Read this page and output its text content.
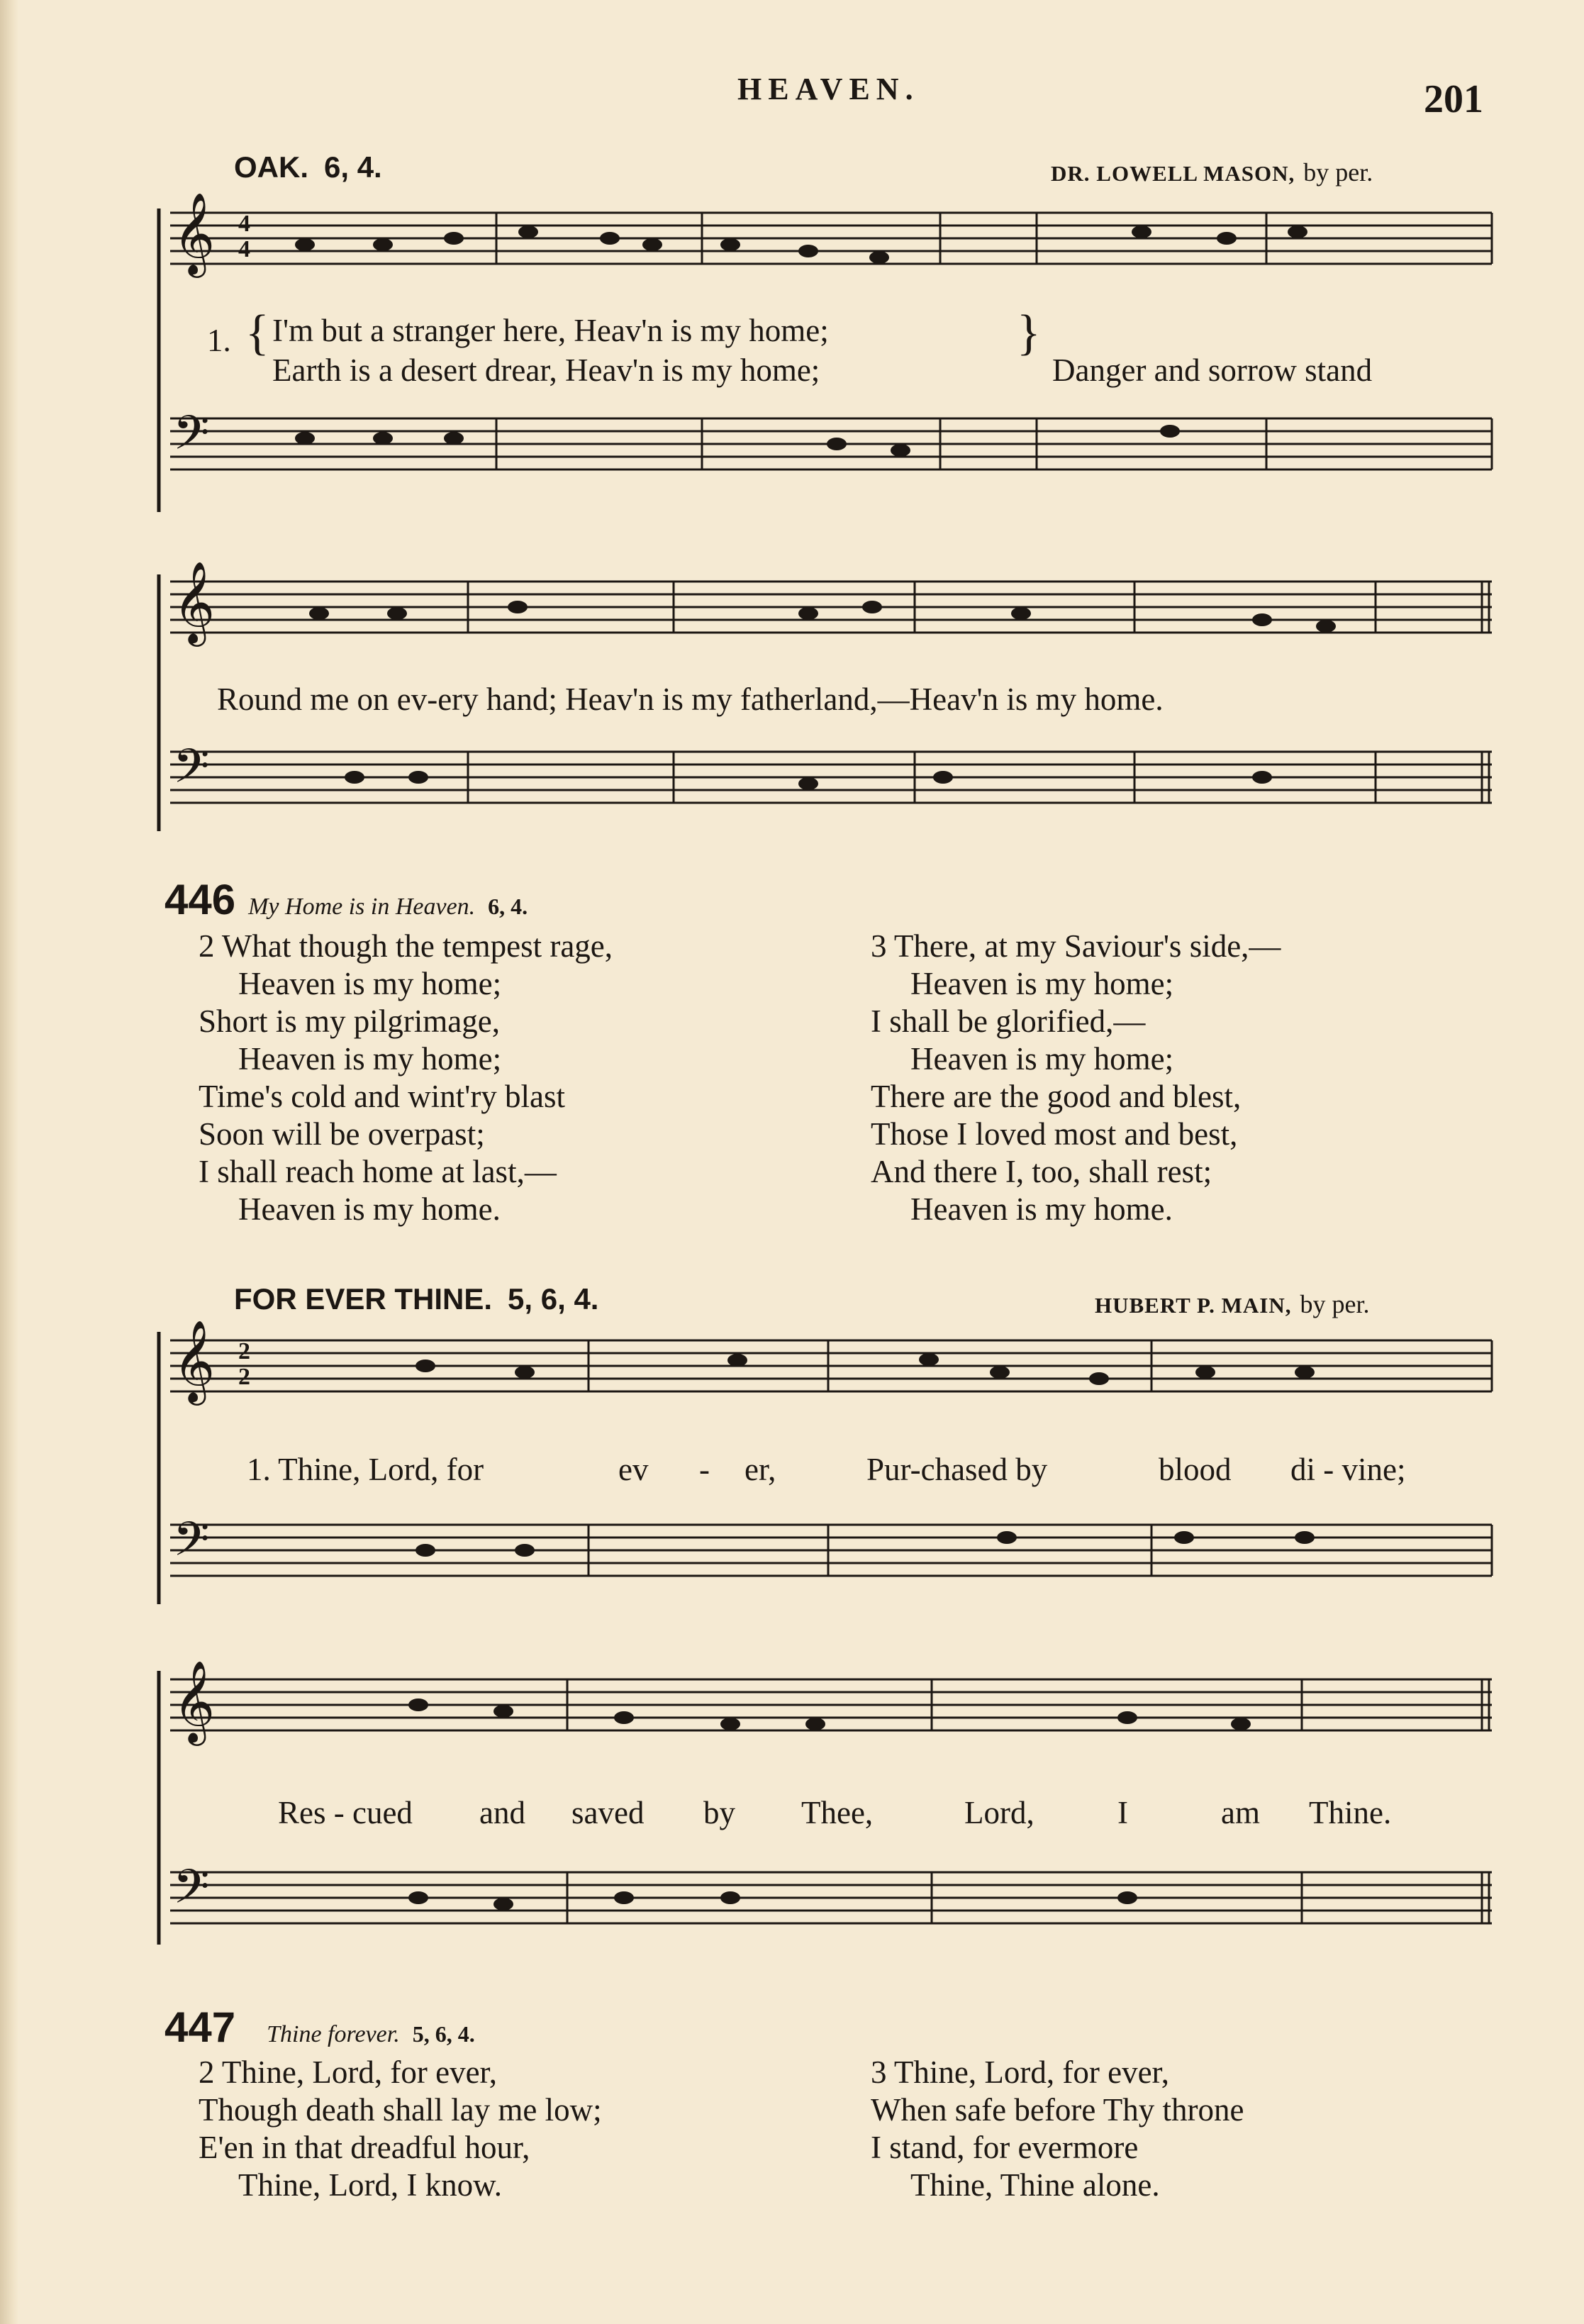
HEAVEN.	201
OAK. 6, 4.	DR. LOWELL MASON, by per.
𝄞 4
4
𝄢
𝄞
𝄢
𝄞 2
2
𝄢
𝄞
𝄢
1. { I'm but a stranger here, Heav'n is my home;
Earth is a desert drear, Heav'n is my home;
}
Danger and sorrow stand
Round me on ev-ery hand; Heav'n is my fatherland,—Heav'n is my home.
446 My Home is in Heaven. 6, 4.
2 What though the tempest rage,
Heaven is my home;
Short is my pilgrimage,
Heaven is my home;
Time's cold and wint'ry blast
Soon will be overpast;
I shall reach home at last,—
Heaven is my home.
3 There, at my Saviour's side,—
Heaven is my home;
I shall be glorified,—
Heaven is my home;
There are the good and blest,
Those I loved most and best,
And there I, too, shall rest;
Heaven is my home.
FOR EVER THINE. 5, 6, 4.	HUBERT P. MAIN, by per.
1. Thine, Lord, for	ev - er,	Pur-chased by	blood di - vine;
Res - cued and saved by Thee,	Lord,	I	am Thine.
447 Thine forever. 5, 6, 4.
2 Thine, Lord, for ever,
Though death shall lay me low;
E'en in that dreadful hour,
Thine, Lord, I know.
3 Thine, Lord, for ever,
When safe before Thy throne
I stand, for evermore
Thine, Thine alone.
